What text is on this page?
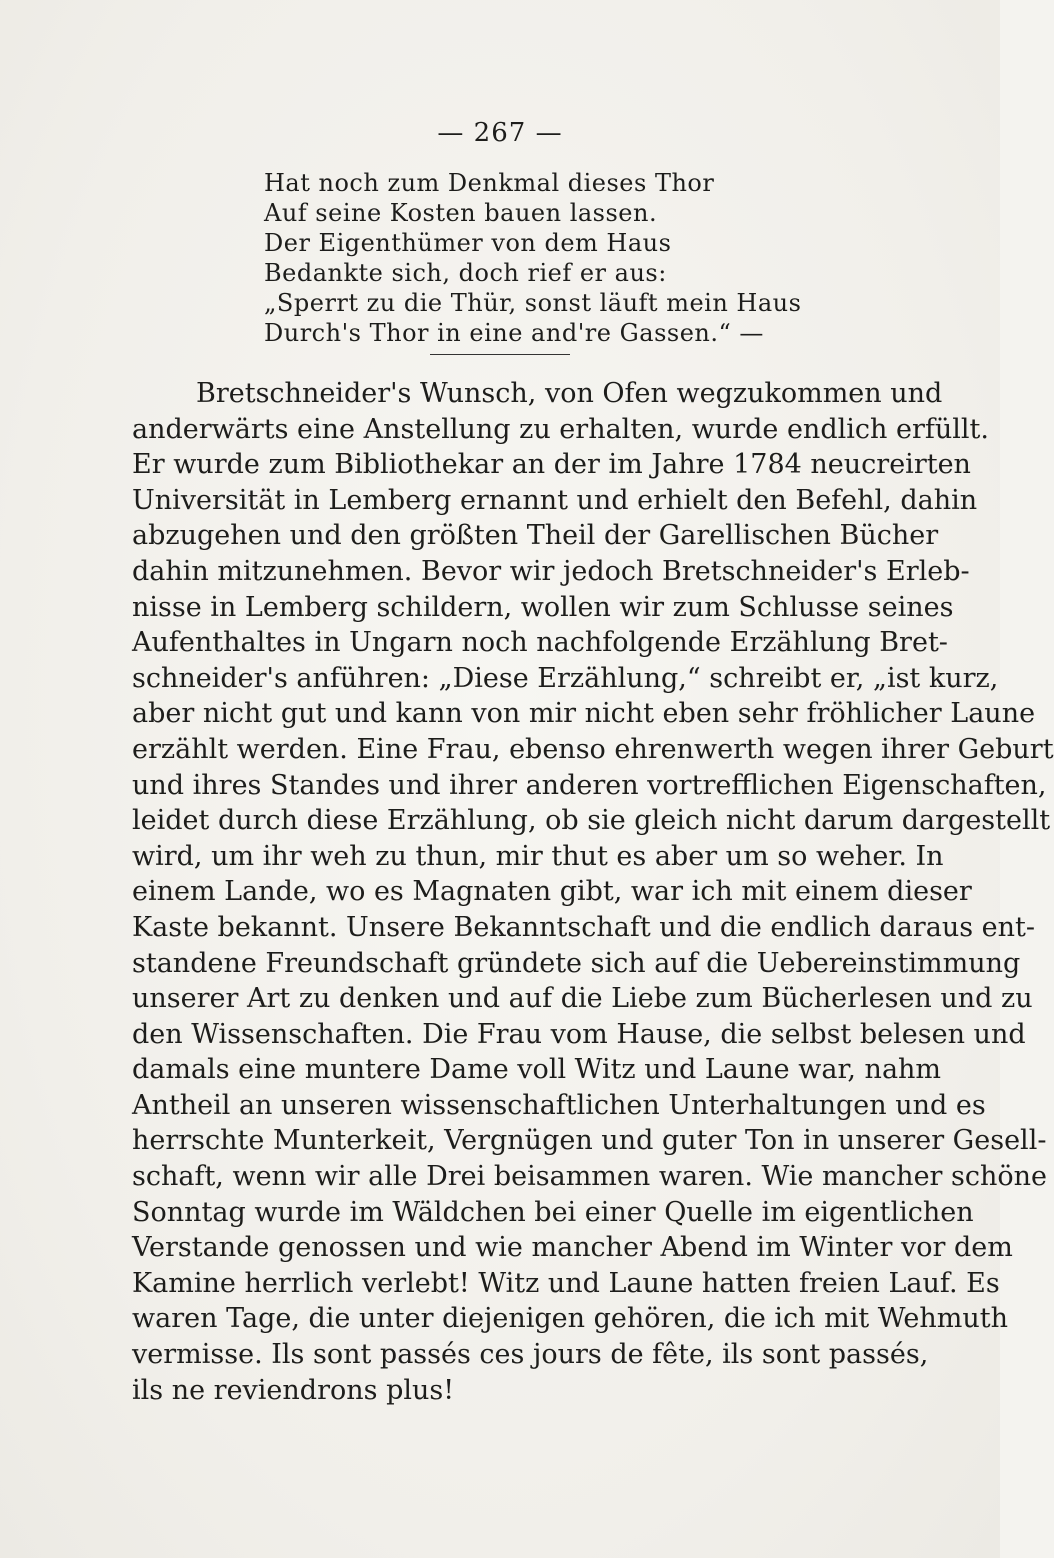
— 267 —
Hat noch zum Denkmal dieses Thor
Auf seine Kosten bauen lassen.
Der Eigenthümer von dem Haus
Bedankte sich, doch rief er aus:
„Sperrt zu die Thür, sonst läuft mein Haus
Durch's Thor in eine and're Gassen.“ —
Bretschneider's Wunsch, von Ofen wegzukommen und
anderwärts eine Anstellung zu erhalten, wurde endlich erfüllt.
Er wurde zum Bibliothekar an der im Jahre 1784 neucreirten
Universität in Lemberg ernannt und erhielt den Befehl, dahin
abzugehen und den größten Theil der Garellischen Bücher
dahin mitzunehmen. Bevor wir jedoch Bretschneider's Erleb-
nisse in Lemberg schildern, wollen wir zum Schlusse seines
Aufenthaltes in Ungarn noch nachfolgende Erzählung Bret-
schneider's anführen: „Diese Erzählung,“ schreibt er, „ist kurz,
aber nicht gut und kann von mir nicht eben sehr fröhlicher Laune
erzählt werden. Eine Frau, ebenso ehrenwerth wegen ihrer Geburt
und ihres Standes und ihrer anderen vortrefflichen Eigenschaften,
leidet durch diese Erzählung, ob sie gleich nicht darum dargestellt
wird, um ihr weh zu thun, mir thut es aber um so weher. In
einem Lande, wo es Magnaten gibt, war ich mit einem dieser
Kaste bekannt. Unsere Bekanntschaft und die endlich daraus ent-
standene Freundschaft gründete sich auf die Uebereinstimmung
unserer Art zu denken und auf die Liebe zum Bücherlesen und zu
den Wissenschaften. Die Frau vom Hause, die selbst belesen und
damals eine muntere Dame voll Witz und Laune war, nahm
Antheil an unseren wissenschaftlichen Unterhaltungen und es
herrschte Munterkeit, Vergnügen und guter Ton in unserer Gesell-
schaft, wenn wir alle Drei beisammen waren. Wie mancher schöne
Sonntag wurde im Wäldchen bei einer Quelle im eigentlichen
Verstande genossen und wie mancher Abend im Winter vor dem
Kamine herrlich verlebt! Witz und Laune hatten freien Lauf. Es
waren Tage, die unter diejenigen gehören, die ich mit Wehmuth
vermisse. Ils sont passés ces jours de fête, ils sont passés,
ils ne reviendrons plus!
